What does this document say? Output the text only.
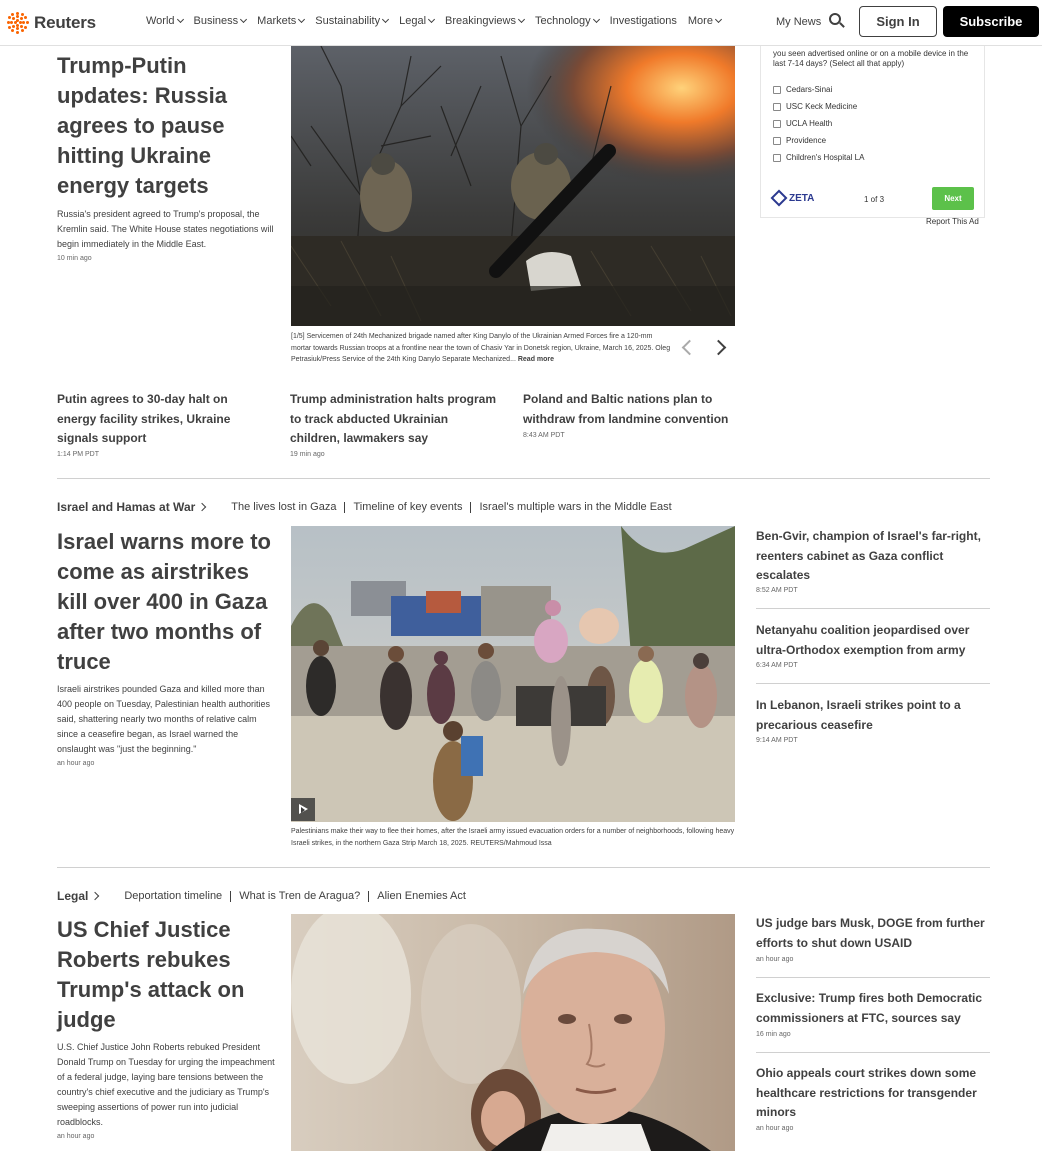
Reuters	World Business Markets Sustainability Legal Breakingviews Technology Investigations More	My News	Sign In	Subscribe
Trump-Putin updates: Russia agrees to pause hitting Ukraine energy targets
Russia's president agreed to Trump's proposal, the Kremlin said. The White House states negotiations will begin immediately in the Middle East.
10 min ago
[1/5] Servicemen of 24th Mechanized brigade named after King Danylo of the Ukrainian Armed Forces fire a 120-mm mortar towards Russian troops at a frontline near the town of Chasiv Yar in Donetsk region, Ukraine, March 16, 2025. Oleg Petrasiuk/Press Service of the 24th King Danylo Separate Mechanized... Read more
Putin agrees to 30-day halt on energy facility strikes, Ukraine signals support
1:14 PM PDT
Trump administration halts program to track abducted Ukrainian children, lawmakers say
19 min ago
Poland and Baltic nations plan to withdraw from landmine convention
8:43 AM PDT
you seen advertised online or on a mobile device in the last 7-14 days? (Select all that apply)
Cedars-Sinai
USC Keck Medicine
UCLA Health
Providence
Children's Hospital LA
ZETA	1 of 3	Next
Report This Ad
Israel and Hamas at War	The lives lost in Gaza	Timeline of key events	Israel's multiple wars in the Middle East
Israel warns more to come as airstrikes kill over 400 in Gaza after two months of truce
Israeli airstrikes pounded Gaza and killed more than 400 people on Tuesday, Palestinian health authorities said, shattering nearly two months of relative calm since a ceasefire began, as Israel warned the onslaught was "just the beginning."
an hour ago
Palestinians make their way to flee their homes, after the Israeli army issued evacuation orders for a number of neighborhoods, following heavy Israeli strikes, in the northern Gaza Strip March 18, 2025. REUTERS/Mahmoud Issa
Ben-Gvir, champion of Israel's far-right, reenters cabinet as Gaza conflict escalates
8:52 AM PDT
Netanyahu coalition jeopardised over ultra-Orthodox exemption from army
6:34 AM PDT
In Lebanon, Israeli strikes point to a precarious ceasefire
9:14 AM PDT
Legal	Deportation timeline	What is Tren de Aragua?	Alien Enemies Act
US Chief Justice Roberts rebukes Trump's attack on judge
U.S. Chief Justice John Roberts rebuked President Donald Trump on Tuesday for urging the impeachment of a federal judge, laying bare tensions between the country's chief executive and the judiciary as Trump's sweeping assertions of power run into judicial roadblocks.
an hour ago
US judge bars Musk, DOGE from further efforts to shut down USAID
an hour ago
Exclusive: Trump fires both Democratic commissioners at FTC, sources say
16 min ago
Ohio appeals court strikes down some healthcare restrictions for transgender minors
an hour ago
